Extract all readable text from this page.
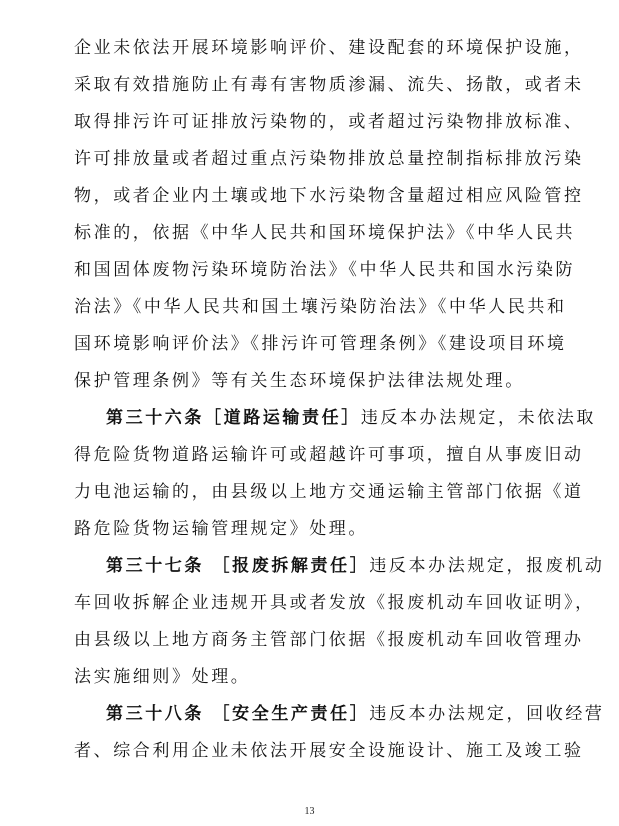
企业未依法开展环境影响评价、建设配套的环境保护设施，
采取有效措施防止有毒有害物质渗漏、流失、扬散，或者未
取得排污许可证排放污染物的，或者超过污染物排放标准、
许可排放量或者超过重点污染物排放总量控制指标排放污染
物，或者企业内土壤或地下水污染物含量超过相应风险管控
标准的，依据《中华人民共和国环境保护法》《中华人民共
和国固体废物污染环境防治法》《中华人民共和国水污染防
治法》《中华人民共和国土壤污染防治法》《中华人民共和
国环境影响评价法》《排污许可管理条例》《建设项目环境
保护管理条例》等有关生态环境保护法律法规处理。
第三十六条［道路运输责任］违反本办法规定，未依法取
得危险货物道路运输许可或超越许可事项，擅自从事废旧动
力电池运输的，由县级以上地方交通运输主管部门依据《道
路危险货物运输管理规定》处理。
第三十七条 ［报废拆解责任］违反本办法规定，报废机动
车回收拆解企业违规开具或者发放《报废机动车回收证明》，
由县级以上地方商务主管部门依据《报废机动车回收管理办
法实施细则》处理。
第三十八条 ［安全生产责任］违反本办法规定，回收经营
者、综合利用企业未依法开展安全设施设计、施工及竣工验
13
